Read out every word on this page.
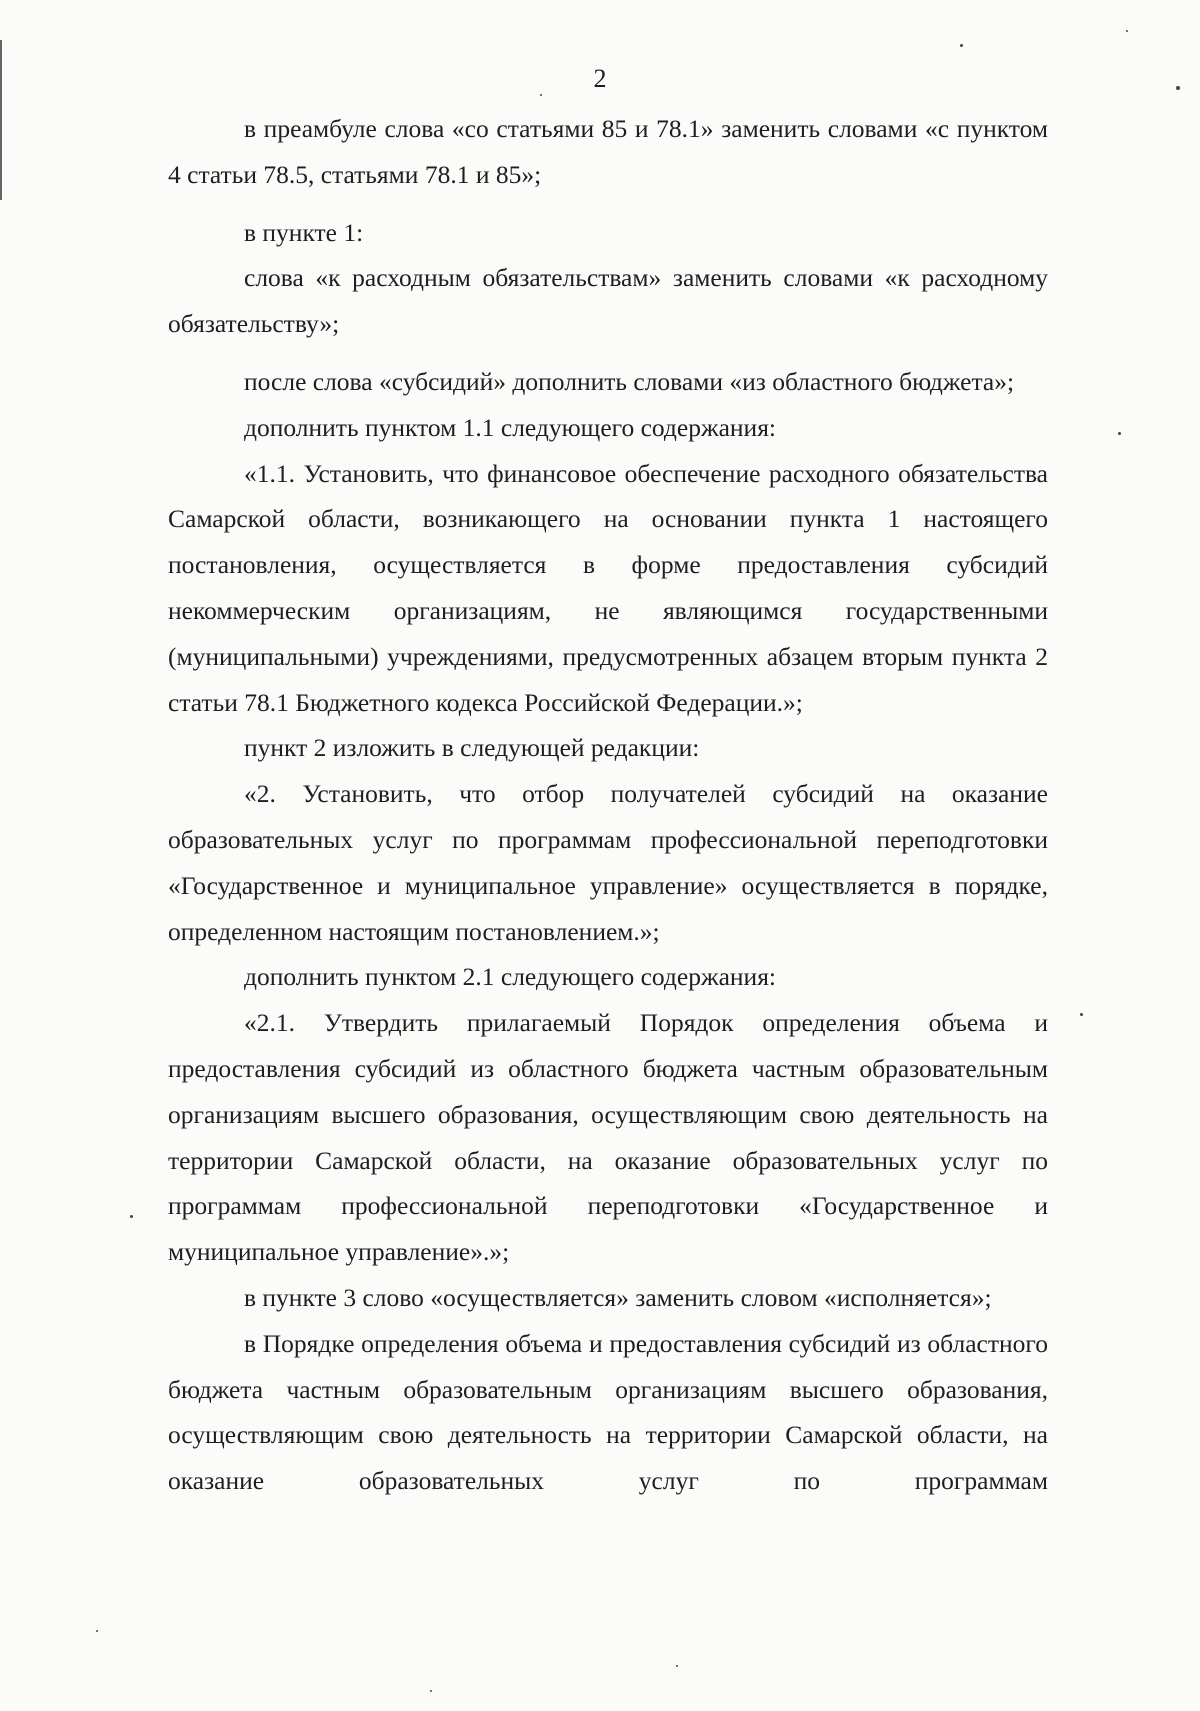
2

в преамбуле слова «со статьями 85 и 78.1» заменить словами «с пунктом 4 статьи 78.5, статьями 78.1 и 85»;

в пункте 1:

слова «к расходным обязательствам» заменить словами «к расходному обязательству»;

после слова «субсидий» дополнить словами «из областного бюджета»;

дополнить пунктом 1.1 следующего содержания:

«1.1. Установить, что финансовое обеспечение расходного обязательства Самарской области, возникающего на основании пункта 1 настоящего постановления, осуществляется в форме предоставления субсидий некоммерческим организациям, не являющимся государственными (муниципальными) учреждениями, предусмотренных абзацем вторым пункта 2 статьи 78.1 Бюджетного кодекса Российской Федерации.»;

пункт 2 изложить в следующей редакции:

«2. Установить, что отбор получателей субсидий на оказание образовательных услуг по программам профессиональной переподготовки «Государственное и муниципальное управление» осуществляется в порядке, определенном настоящим постановлением.»;

дополнить пунктом 2.1 следующего содержания:

«2.1. Утвердить прилагаемый Порядок определения объема и предоставления субсидий из областного бюджета частным образовательным организациям высшего образования, осуществляющим свою деятельность на территории Самарской области, на оказание образовательных услуг по программам профессиональной переподготовки «Государственное и муниципальное управление».»;

в пункте 3 слово «осуществляется» заменить словом «исполняется»;

в Порядке определения объема и предоставления субсидий из областного бюджета частным образовательным организациям высшего образования, осуществляющим свою деятельность на территории Самарской области, на оказание образовательных услуг по программам
